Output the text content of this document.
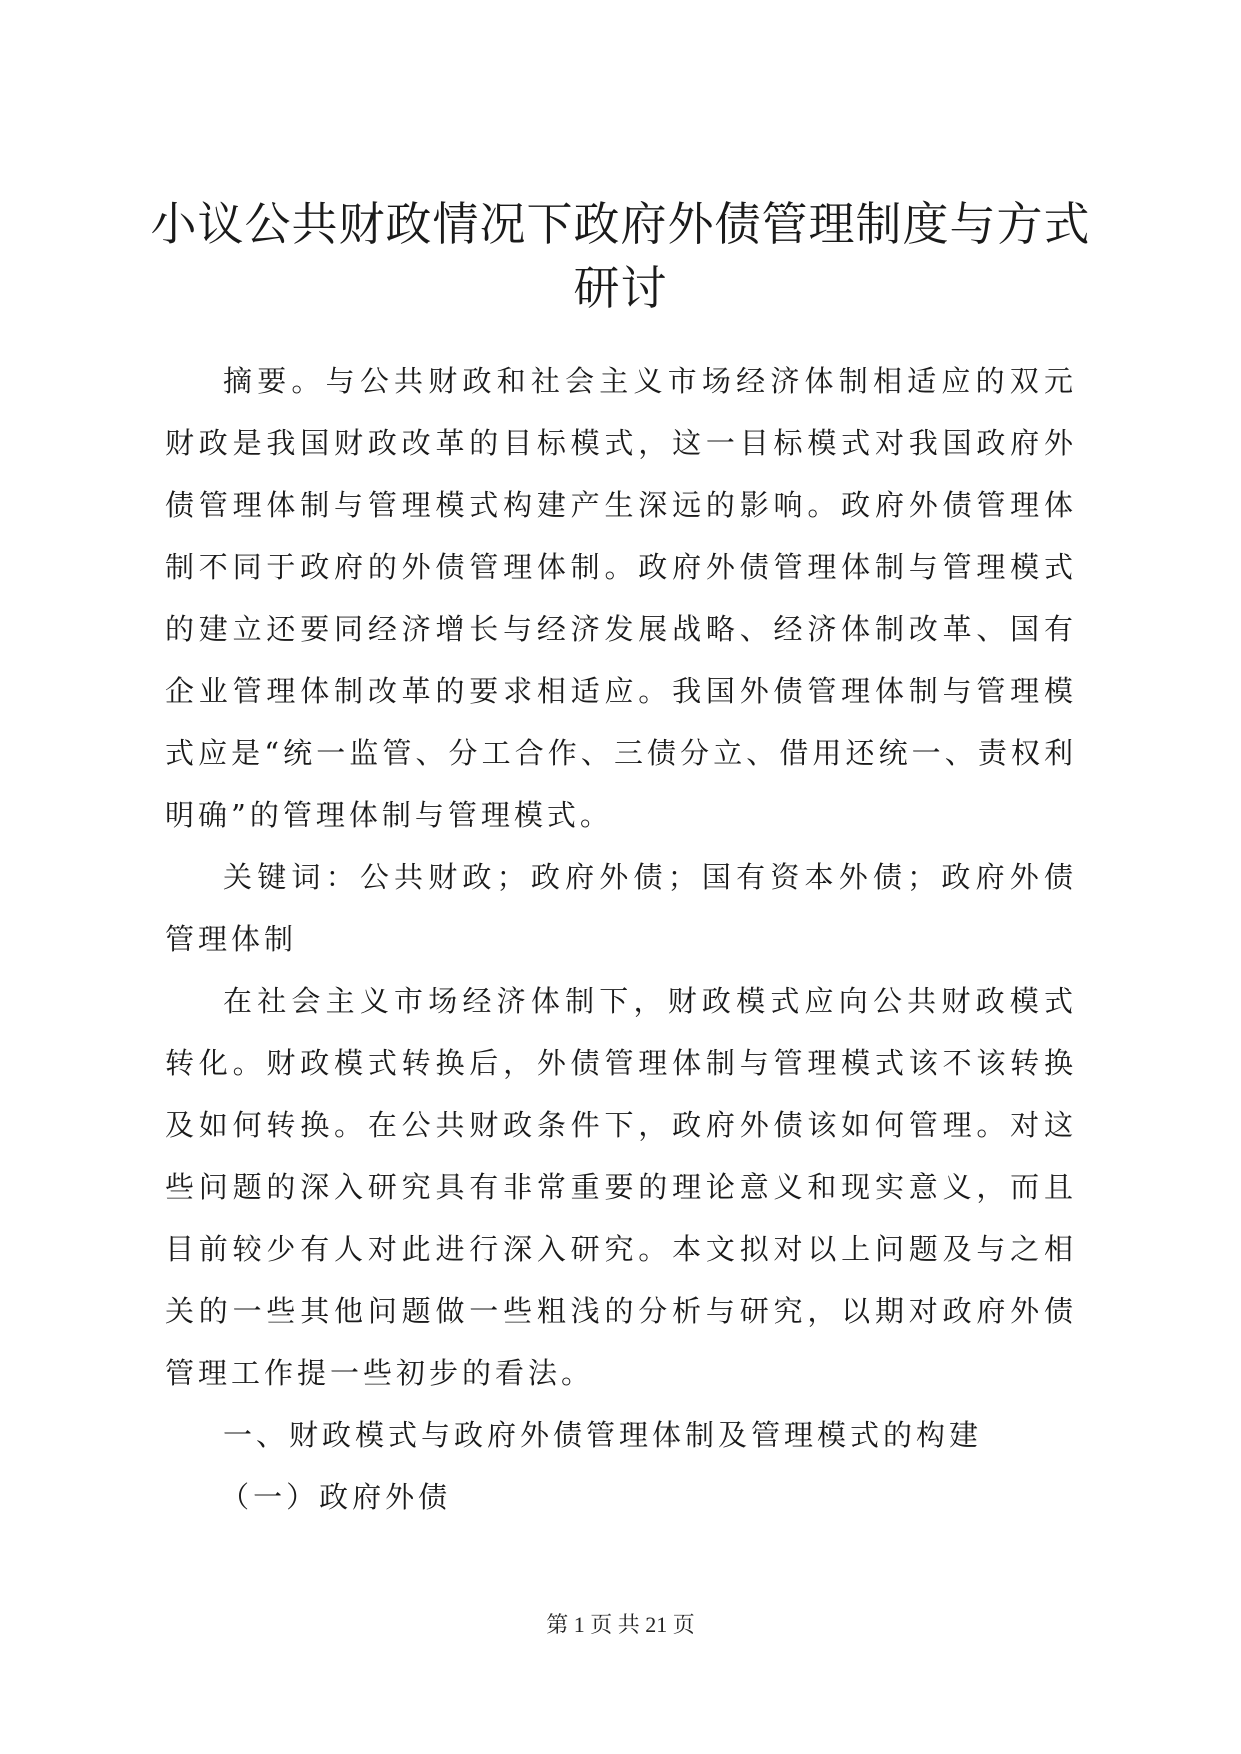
小议公共财政情况下政府外债管理制度与方式研讨

摘要。与公共财政和社会主义市场经济体制相适应的双元财政是我国财政改革的目标模式，这一目标模式对我国政府外债管理体制与管理模式构建产生深远的影响。政府外债管理体制不同于政府的外债管理体制。政府外债管理体制与管理模式的建立还要同经济增长与经济发展战略、经济体制改革、国有企业管理体制改革的要求相适应。我国外债管理体制与管理模式应是“统一监管、分工合作、三债分立、借用还统一、责权利明确”的管理体制与管理模式。

关键词：公共财政；政府外债；国有资本外债；政府外债管理体制

在社会主义市场经济体制下，财政模式应向公共财政模式转化。财政模式转换后，外债管理体制与管理模式该不该转换及如何转换。在公共财政条件下，政府外债该如何管理。对这些问题的深入研究具有非常重要的理论意义和现实意义，而且目前较少有人对此进行深入研究。本文拟对以上问题及与之相关的一些其他问题做一些粗浅的分析与研究，以期对政府外债管理工作提一些初步的看法。

一、财政模式与政府外债管理体制及管理模式的构建

（一）政府外债

第 1 页 共 21 页
